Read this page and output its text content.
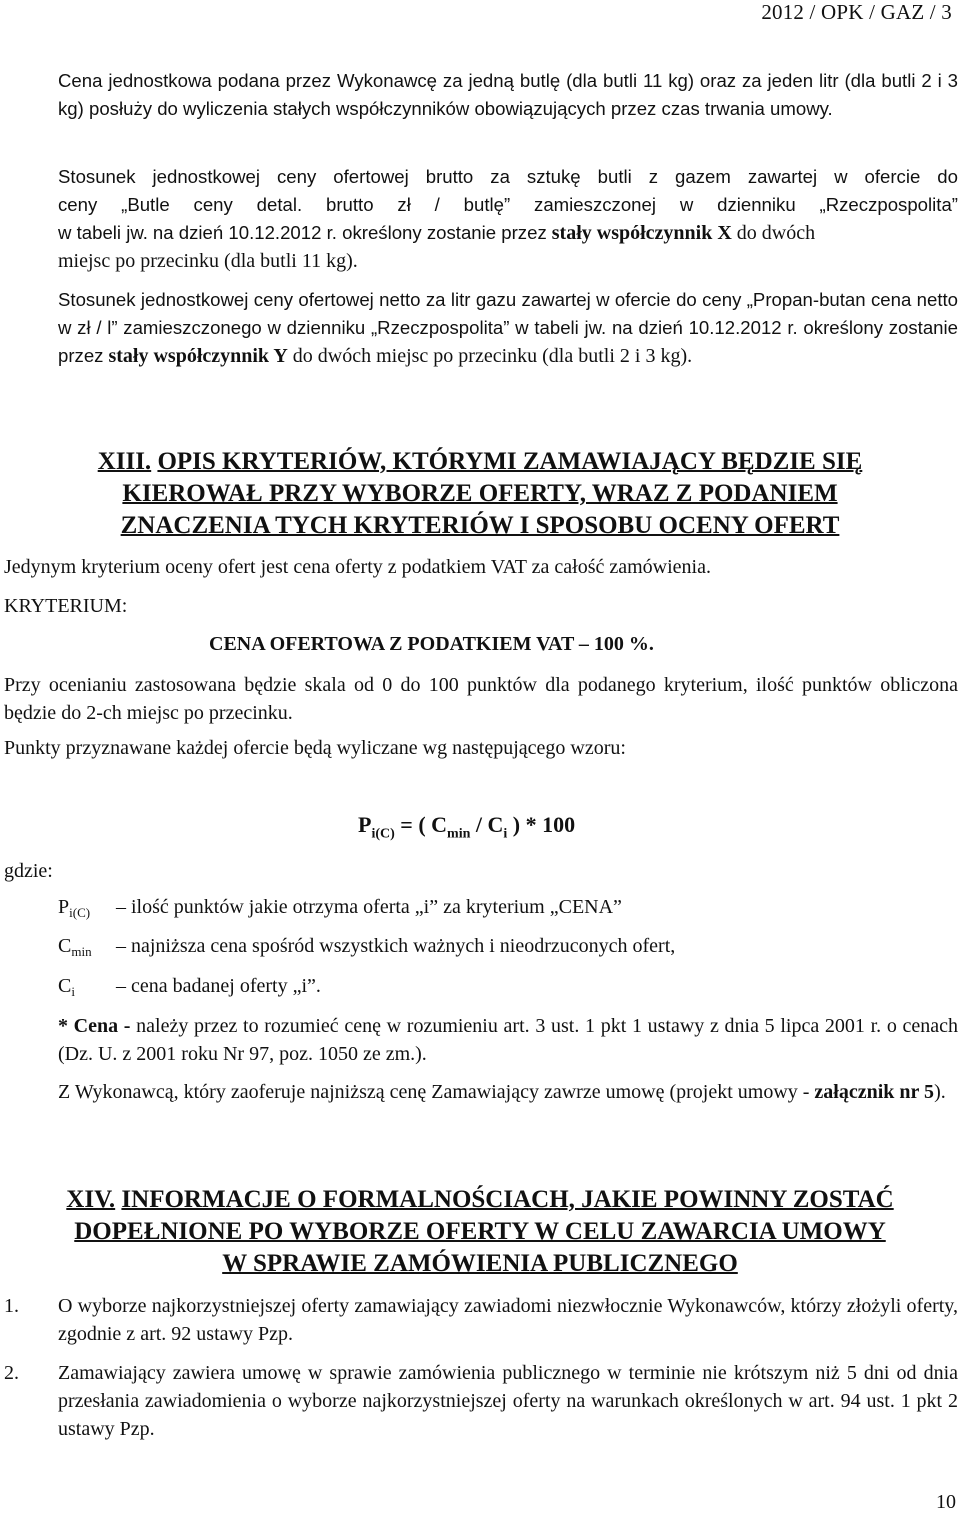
2012 / OPK / GAZ / 3
Cena jednostkowa podana przez Wykonawcę za jedną butlę (dla butli 11 kg) oraz za jeden litr (dla butli 2 i 3 kg) posłuży do wyliczenia stałych współczynników obowiązujących przez czas trwania umowy.
Stosunek jednostkowej ceny ofertowej brutto za sztukę butli z gazem zawartej w ofercie do
ceny „Butle ceny detal. brutto zł / butlę” zamieszczonej w dzienniku „Rzeczpospolita”
w tabeli jw. na dzień 10.12.2012 r. określony zostanie przez stały współczynnik X do dwóch
miejsc po przecinku (dla butli 11 kg).
Stosunek jednostkowej ceny ofertowej netto za litr gazu zawartej w ofercie do ceny „Propan-butan cena netto w zł / l” zamieszczonego w dzienniku „Rzeczpospolita” w tabeli jw. na dzień 10.12.2012 r. określony zostanie przez stały współczynnik Y do dwóch miejsc po przecinku (dla butli 2 i 3 kg).
XIII. OPIS KRYTERIÓW, KTÓRYMI ZAMAWIAJĄCY BĘDZIE SIĘ
KIEROWAŁ PRZY WYBORZE OFERTY, WRAZ Z PODANIEM
ZNACZENIA TYCH KRYTERIÓW I SPOSOBU OCENY OFERT
Jedynym kryterium oceny ofert jest cena oferty z podatkiem VAT za całość zamówienia.
KRYTERIUM:
CENA OFERTOWA Z PODATKIEM VAT – 100 %.
Przy ocenianiu zastosowana będzie skala od 0 do 100 punktów dla podanego kryterium, ilość punktów obliczona będzie do 2-ch miejsc po przecinku.
Punkty przyznawane każdej ofercie będą wyliczane wg następującego wzoru:
$P_{i(C)}$ = ( $C_{min} / C_i$ ) * 100
gdzie:
$P_{i(C)}$ – ilość punktów jakie otrzyma oferta „i” za kryterium „CENA”
$C_{min}$ – najniższa cena spośród wszystkich ważnych i nieodrzuconych ofert,
$C_i$ – cena badanej oferty „i”.
* Cena - należy przez to rozumieć cenę w rozumieniu art. 3 ust. 1 pkt 1 ustawy z dnia 5 lipca 2001 r. o cenach (Dz. U. z 2001 roku Nr 97, poz. 1050 ze zm.).
Z Wykonawcą, który zaoferuje najniższą cenę Zamawiający zawrze umowę (projekt umowy - załącznik nr 5).
XIV. INFORMACJE O FORMALNOŚCIACH, JAKIE POWINNY ZOSTAĆ
DOPEŁNIONE PO WYBORZE OFERTY W CELU ZAWARCIA UMOWY
W SPRAWIE ZAMÓWIENIA PUBLICZNEGO
1. O wyborze najkorzystniejszej oferty zamawiający zawiadomi niezwłocznie Wykonawców, którzy złożyli oferty, zgodnie z art. 92 ustawy Pzp.
2. Zamawiający zawiera umowę w sprawie zamówienia publicznego w terminie nie krótszym niż 5 dni od dnia przesłania zawiadomienia o wyborze najkorzystniejszej oferty na warunkach określonych w art. 94 ust. 1 pkt 2 ustawy Pzp.
10
